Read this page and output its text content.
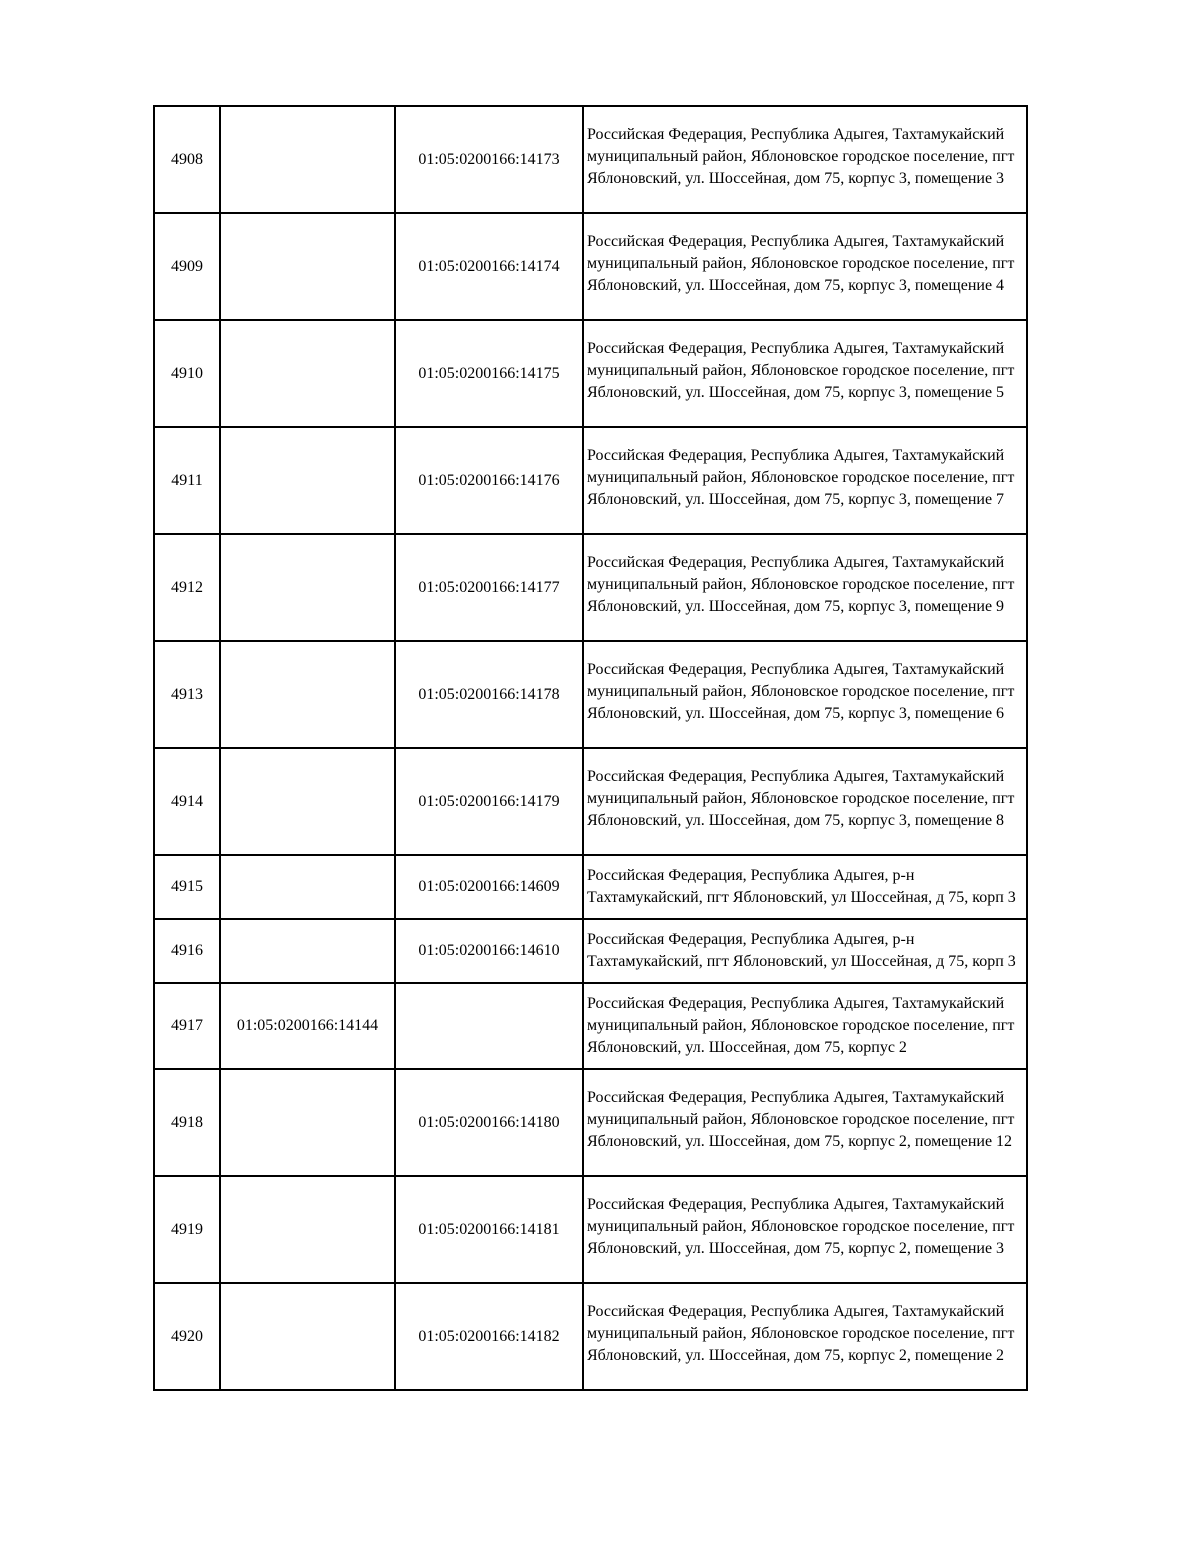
4908		01:05:0200166:14173	Российская Федерация, Республика Адыгея, Тахтамукайский муниципальный район, Яблоновское городское поселение, пгт Яблоновский, ул. Шоссейная, дом 75, корпус 3, помещение 3

4909		01:05:0200166:14174	Российская Федерация, Республика Адыгея, Тахтамукайский муниципальный район, Яблоновское городское поселение, пгт Яблоновский, ул. Шоссейная, дом 75, корпус 3, помещение 4

4910		01:05:0200166:14175	Российская Федерация, Республика Адыгея, Тахтамукайский муниципальный район, Яблоновское городское поселение, пгт Яблоновский, ул. Шоссейная, дом 75, корпус 3, помещение 5

4911		01:05:0200166:14176	Российская Федерация, Республика Адыгея, Тахтамукайский муниципальный район, Яблоновское городское поселение, пгт Яблоновский, ул. Шоссейная, дом 75, корпус 3, помещение 7

4912		01:05:0200166:14177	Российская Федерация, Республика Адыгея, Тахтамукайский муниципальный район, Яблоновское городское поселение, пгт Яблоновский, ул. Шоссейная, дом 75, корпус 3, помещение 9

4913		01:05:0200166:14178	Российская Федерация, Республика Адыгея, Тахтамукайский муниципальный район, Яблоновское городское поселение, пгт Яблоновский, ул. Шоссейная, дом 75, корпус 3, помещение 6

4914		01:05:0200166:14179	Российская Федерация, Республика Адыгея, Тахтамукайский муниципальный район, Яблоновское городское поселение, пгт Яблоновский, ул. Шоссейная, дом 75, корпус 3, помещение 8

4915		01:05:0200166:14609	Российская Федерация, Республика Адыгея, р-н Тахтамукайский, пгт Яблоновский, ул Шоссейная, д 75, корп 3

4916		01:05:0200166:14610	Российская Федерация, Республика Адыгея, р-н Тахтамукайский, пгт Яблоновский, ул Шоссейная, д 75, корп 3

4917	01:05:0200166:14144		Российская Федерация, Республика Адыгея, Тахтамукайский муниципальный район, Яблоновское городское поселение, пгт Яблоновский, ул. Шоссейная, дом 75, корпус 2

4918		01:05:0200166:14180	Российская Федерация, Республика Адыгея, Тахтамукайский муниципальный район, Яблоновское городское поселение, пгт Яблоновский, ул. Шоссейная, дом 75, корпус 2, помещение 12

4919		01:05:0200166:14181	Российская Федерация, Республика Адыгея, Тахтамукайский муниципальный район, Яблоновское городское поселение, пгт Яблоновский, ул. Шоссейная, дом 75, корпус 2, помещение 3

4920		01:05:0200166:14182	Российская Федерация, Республика Адыгея, Тахтамукайский муниципальный район, Яблоновское городское поселение, пгт Яблоновский, ул. Шоссейная, дом 75, корпус 2, помещение 2
